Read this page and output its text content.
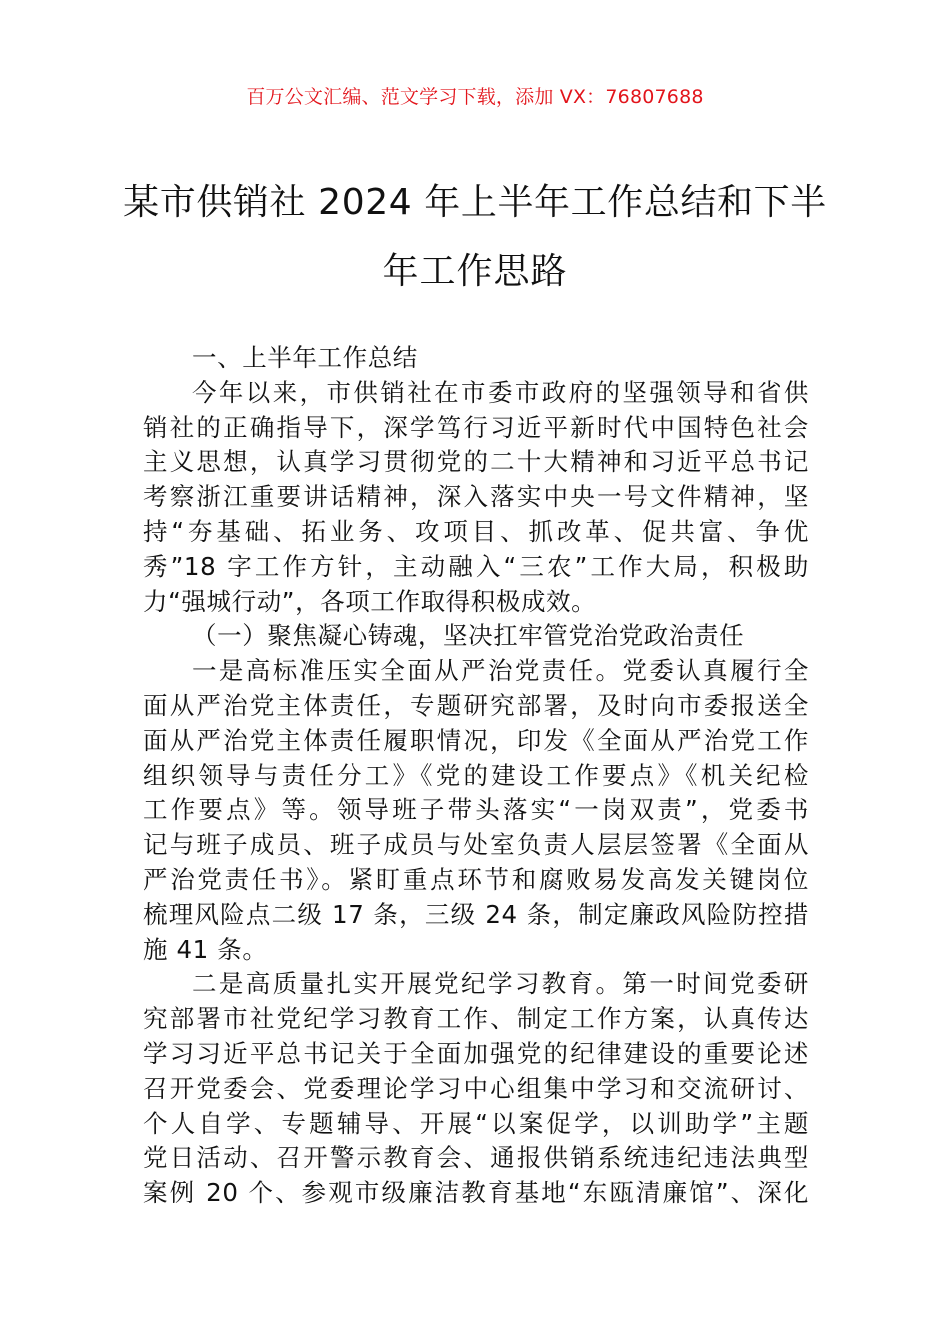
百万公文汇编、范文学习下载，添加 VX：76807688
某市供销社 2024 年上半年工作总结和下半
年工作思路
一、上半年工作总结
今年以来，市供销社在市委市政府的坚强领导和省供
销社的正确指导下，深学笃行习近平新时代中国特色社会
主义思想，认真学习贯彻党的二十大精神和习近平总书记
考察浙江重要讲话精神，深入落实中央一号文件精神，坚
持“夯基础、拓业务、攻项目、抓改革、促共富、争优
秀”18 字工作方针，主动融入“三农”工作大局，积极助
力“强城行动”，各项工作取得积极成效。
（一）聚焦凝心铸魂，坚决扛牢管党治党政治责任
一是高标准压实全面从严治党责任。党委认真履行全
面从严治党主体责任，专题研究部署，及时向市委报送全
面从严治党主体责任履职情况，印发《全面从严治党工作
组织领导与责任分工》《党的建设工作要点》《机关纪检
工作要点》等。领导班子带头落实“一岗双责”，党委书
记与班子成员、班子成员与处室负责人层层签署《全面从
严治党责任书》。紧盯重点环节和腐败易发高发关键岗位
梳理风险点二级 17 条，三级 24 条，制定廉政风险防控措
施 41 条。
二是高质量扎实开展党纪学习教育。第一时间党委研
究部署市社党纪学习教育工作、制定工作方案，认真传达
学习习近平总书记关于全面加强党的纪律建设的重要论述
召开党委会、党委理论学习中心组集中学习和交流研讨、
个人自学、专题辅导、开展“以案促学，以训助学”主题
党日活动、召开警示教育会、通报供销系统违纪违法典型
案例 20 个、参观市级廉洁教育基地“东瓯清廉馆”、深化
